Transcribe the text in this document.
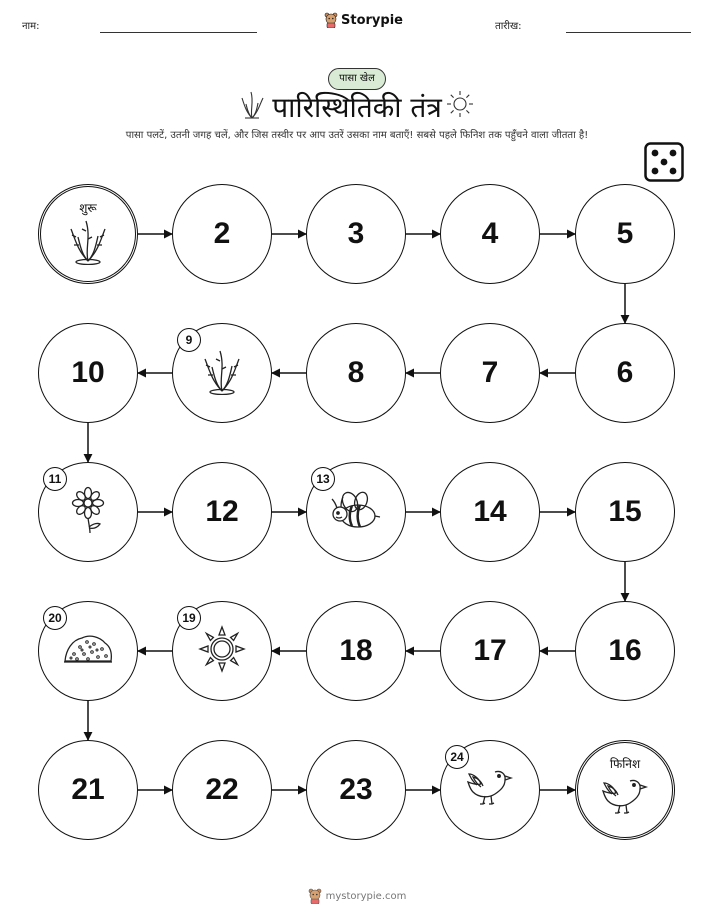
नाम:	Storypie	तारीख:
पासा खेल
पारिस्थितिकी तंत्र
पासा पलटें, उतनी जगह चलें, और जिस तस्वीर पर आप उतरें उसका नाम बताएँ! सबसे पहले फिनिश तक पहुँचने वाला जीतता है!
शुरू
2	3	4	5
6
7
8
9
10
11
12
13
14	15
16
17
18
19
20
21	22	23
24	फिनिश
mystorypie.com
